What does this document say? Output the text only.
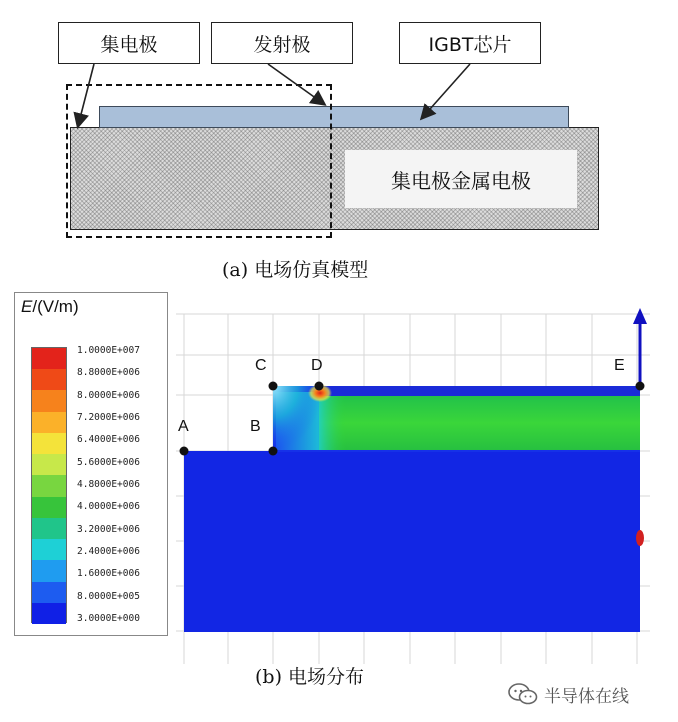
集电极	发射极	IGBT芯片
集电极金属电极
(a) 电场仿真模型
E/(V/m)
1.0000E+007
8.8000E+006
8.0000E+006
7.2000E+006
6.4000E+006
5.6000E+006
4.8000E+006
4.0000E+006
3.2000E+006
2.4000E+006
1.6000E+006
8.0000E+005
3.0000E+000
A	B
C	D	E
(b) 电场分布
半导体在线
